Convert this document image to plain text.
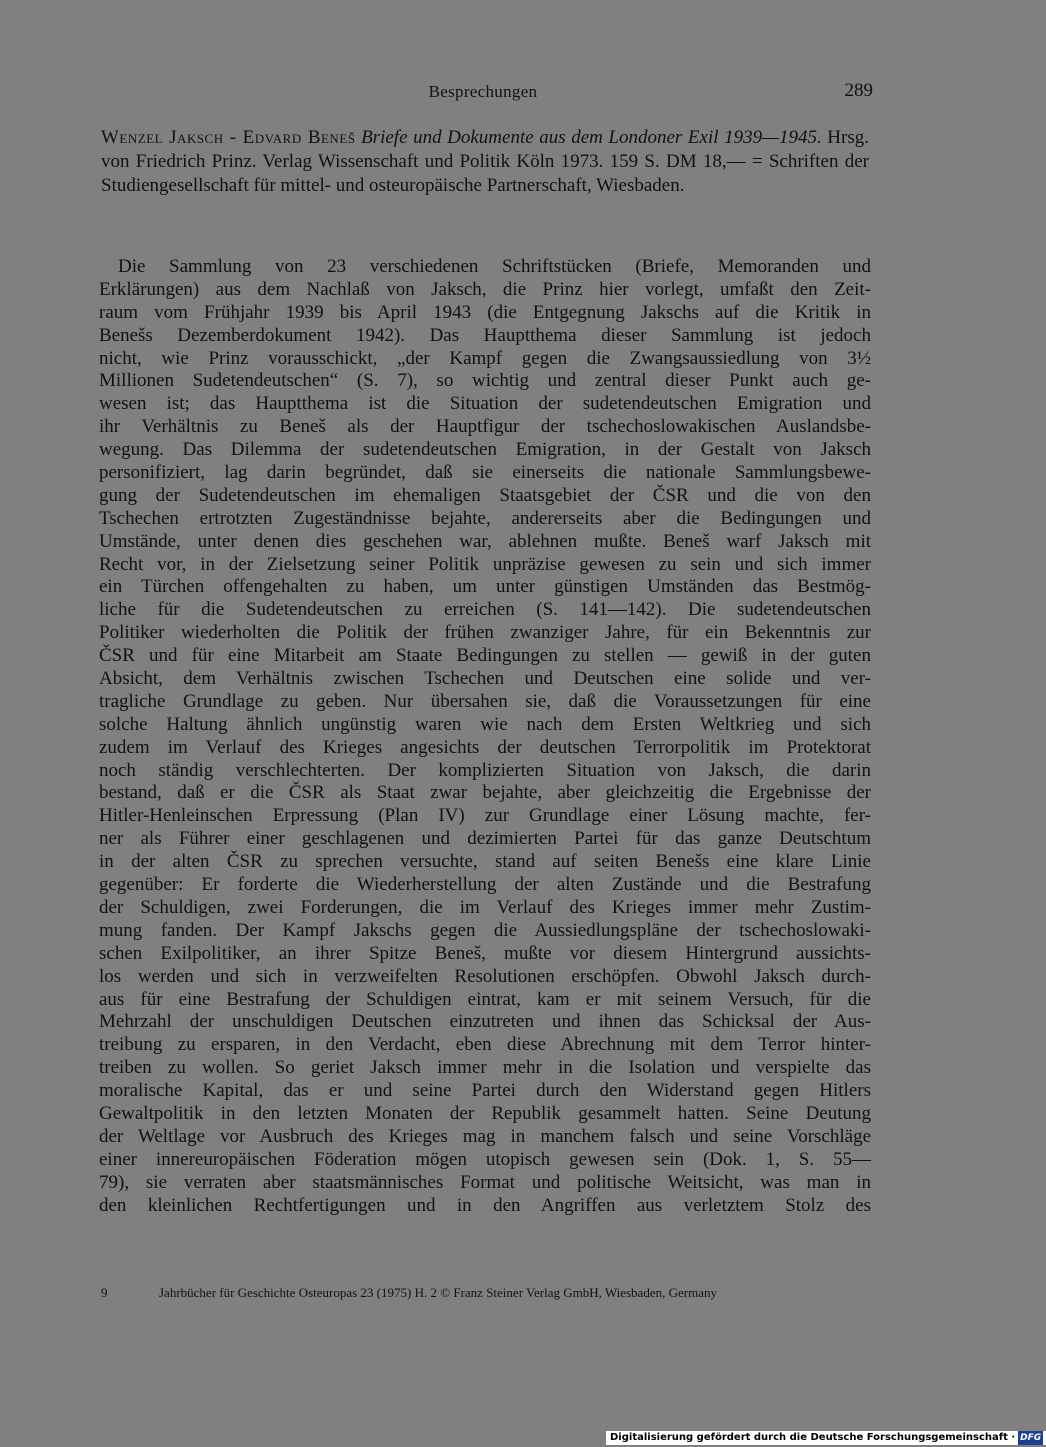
Besprechungen	289
Wenzel Jaksch - Edvard Beneš Briefe und Dokumente aus dem Londoner Exil 1939—1945. Hrsg. von Friedrich Prinz. Verlag Wissenschaft und Politik Köln 1973. 159 S. DM 18,— = Schriften der Studiengesellschaft für mittel- und osteuropäische Partnerschaft, Wiesbaden.
Die Sammlung von 23 verschiedenen Schriftstücken (Briefe, Memoranden und
Erklärungen) aus dem Nachlaß von Jaksch, die Prinz hier vorlegt, umfaßt den Zeit-
raum vom Frühjahr 1939 bis April 1943 (die Entgegnung Jakschs auf die Kritik in
Benešs Dezemberdokument 1942). Das Hauptthema dieser Sammlung ist jedoch
nicht, wie Prinz vorausschickt, „der Kampf gegen die Zwangsaussiedlung von 3½
Millionen Sudetendeutschen“ (S. 7), so wichtig und zentral dieser Punkt auch ge-
wesen ist; das Hauptthema ist die Situation der sudetendeutschen Emigration und
ihr Verhältnis zu Beneš als der Hauptfigur der tschechoslowakischen Auslandsbe-
wegung. Das Dilemma der sudetendeutschen Emigration, in der Gestalt von Jaksch
personifiziert, lag darin begründet, daß sie einerseits die nationale Sammlungsbewe-
gung der Sudetendeutschen im ehemaligen Staatsgebiet der ČSR und die von den
Tschechen ertrotzten Zugeständnisse bejahte, andererseits aber die Bedingungen und
Umstände, unter denen dies geschehen war, ablehnen mußte. Beneš warf Jaksch mit
Recht vor, in der Zielsetzung seiner Politik unpräzise gewesen zu sein und sich immer
ein Türchen offengehalten zu haben, um unter günstigen Umständen das Bestmög-
liche für die Sudetendeutschen zu erreichen (S. 141—142). Die sudetendeutschen
Politiker wiederholten die Politik der frühen zwanziger Jahre, für ein Bekenntnis zur
ČSR und für eine Mitarbeit am Staate Bedingungen zu stellen — gewiß in der guten
Absicht, dem Verhältnis zwischen Tschechen und Deutschen eine solide und ver-
tragliche Grundlage zu geben. Nur übersahen sie, daß die Voraussetzungen für eine
solche Haltung ähnlich ungünstig waren wie nach dem Ersten Weltkrieg und sich
zudem im Verlauf des Krieges angesichts der deutschen Terrorpolitik im Protektorat
noch ständig verschlechterten. Der komplizierten Situation von Jaksch, die darin
bestand, daß er die ČSR als Staat zwar bejahte, aber gleichzeitig die Ergebnisse der
Hitler-Henleinschen Erpressung (Plan IV) zur Grundlage einer Lösung machte, fer-
ner als Führer einer geschlagenen und dezimierten Partei für das ganze Deutschtum
in der alten ČSR zu sprechen versuchte, stand auf seiten Benešs eine klare Linie
gegenüber: Er forderte die Wiederherstellung der alten Zustände und die Bestrafung
der Schuldigen, zwei Forderungen, die im Verlauf des Krieges immer mehr Zustim-
mung fanden. Der Kampf Jakschs gegen die Aussiedlungspläne der tschechoslowaki-
schen Exilpolitiker, an ihrer Spitze Beneš, mußte vor diesem Hintergrund aussichts-
los werden und sich in verzweifelten Resolutionen erschöpfen. Obwohl Jaksch durch-
aus für eine Bestrafung der Schuldigen eintrat, kam er mit seinem Versuch, für die
Mehrzahl der unschuldigen Deutschen einzutreten und ihnen das Schicksal der Aus-
treibung zu ersparen, in den Verdacht, eben diese Abrechnung mit dem Terror hinter-
treiben zu wollen. So geriet Jaksch immer mehr in die Isolation und verspielte das
moralische Kapital, das er und seine Partei durch den Widerstand gegen Hitlers
Gewaltpolitik in den letzten Monaten der Republik gesammelt hatten. Seine Deutung
der Weltlage vor Ausbruch des Krieges mag in manchem falsch und seine Vorschläge
einer innereuropäischen Föderation mögen utopisch gewesen sein (Dok. 1, S. 55—
79), sie verraten aber staatsmännisches Format und politische Weitsicht, was man in
den kleinlichen Rechtfertigungen und in den Angriffen aus verletztem Stolz des
9	Jahrbücher für Geschichte Osteuropas 23 (1975) H. 2 © Franz Steiner Verlag GmbH, Wiesbaden, Germany
Digitalisierung gefördert durch die Deutsche Forschungsgemeinschaft · DFG
